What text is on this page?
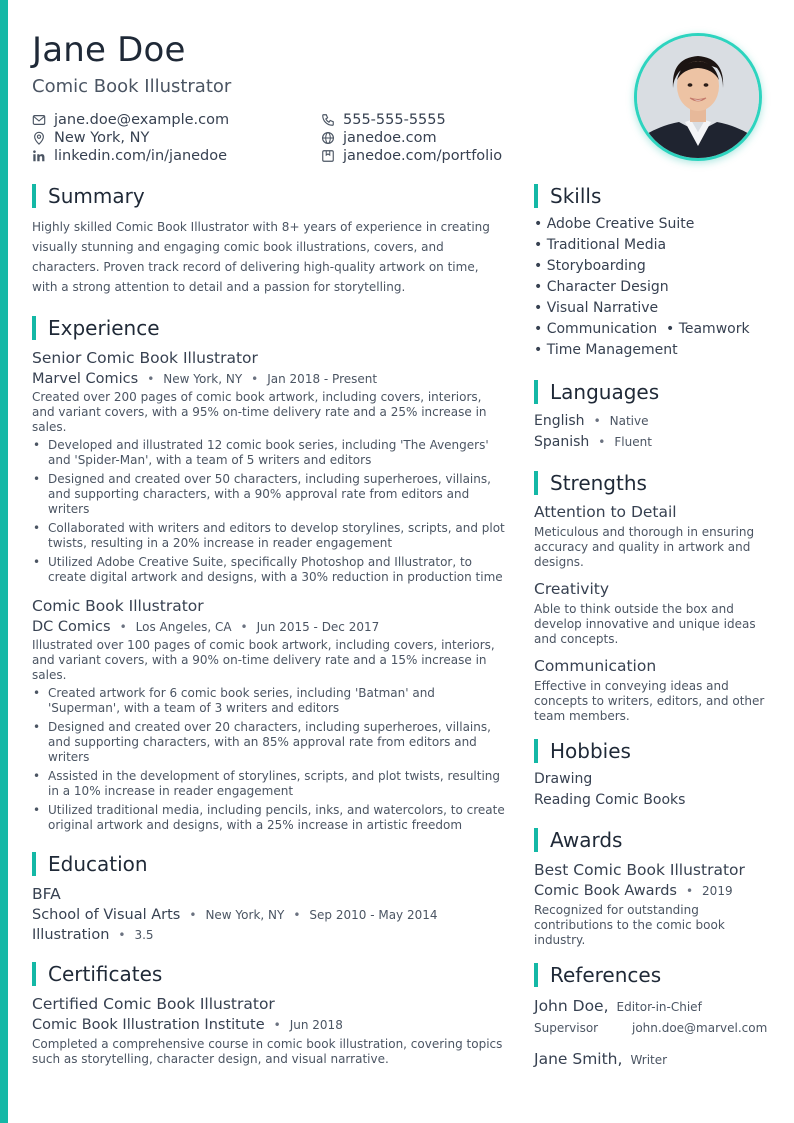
Jane Doe
Comic Book Illustrator
jane.doe@example.com	555-555-5555
New York, NY	janedoe.com
linkedin.com/in/janedoe	janedoe.com/portfolio
Summary

Highly skilled Comic Book Illustrator with 8+ years of experience in creating visually stunning and engaging comic book illustrations, covers, and characters. Proven track record of delivering high-quality artwork on time, with a strong attention to detail and a passion for storytelling.

Experience
Senior Comic Book Illustrator
Marvel Comics • New York, NY • Jan 2018 - Present

Created over 200 pages of comic book artwork, including covers, interiors, and variant covers, with a 95% on-time delivery rate and a 25% increase in sales.

• Developed and illustrated 12 comic book series, including 'The Avengers' and 'Spider-Man', with a team of 5 writers and editors
• Designed and created over 50 characters, including superheroes, villains, and supporting characters, with a 90% approval rate from editors and writers
• Collaborated with writers and editors to develop storylines, scripts, and plot twists, resulting in a 20% increase in reader engagement
• Utilized Adobe Creative Suite, specifically Photoshop and Illustrator, to create digital artwork and designs, with a 30% reduction in production time
Comic Book Illustrator
DC Comics • Los Angeles, CA • Jun 2015 - Dec 2017

Illustrated over 100 pages of comic book artwork, including covers, interiors, and variant covers, with a 90% on-time delivery rate and a 15% increase in sales.

• Created artwork for 6 comic book series, including 'Batman' and 'Superman', with a team of 3 writers and editors
• Designed and created over 20 characters, including superheroes, villains, and supporting characters, with an 85% approval rate from editors and writers
• Assisted in the development of storylines, scripts, and plot twists, resulting in a 10% increase in reader engagement
• Utilized traditional media, including pencils, inks, and watercolors, to create original artwork and designs, with a 25% increase in artistic freedom
Education
BFA
School of Visual Arts • New York, NY • Sep 2010 - May 2014
Illustration • 3.5
Certificates
Certified Comic Book Illustrator
Comic Book Illustration Institute • Jun 2018

Completed a comprehensive course in comic book illustration, covering topics such as storytelling, character design, and visual narrative.

Skills
• Adobe Creative Suite
• Traditional Media
• Storyboarding
• Character Design
• Visual Narrative
• Communication  • Teamwork
• Time Management
Languages
English • Native
Spanish • Fluent
Strengths
Attention to Detail

Meticulous and thorough in ensuring accuracy and quality in artwork and designs.

Creativity

Able to think outside the box and develop innovative and unique ideas and concepts.

Communication

Effective in conveying ideas and concepts to writers, editors, and other team members.

Hobbies
Drawing
Reading Comic Books
Awards
Best Comic Book Illustrator
Comic Book Awards • 2019

Recognized for outstanding contributions to the comic book industry.

References
John Doe, Editor-in-Chief
Supervisor	john.doe@marvel.com
Jane Smith, Writer
